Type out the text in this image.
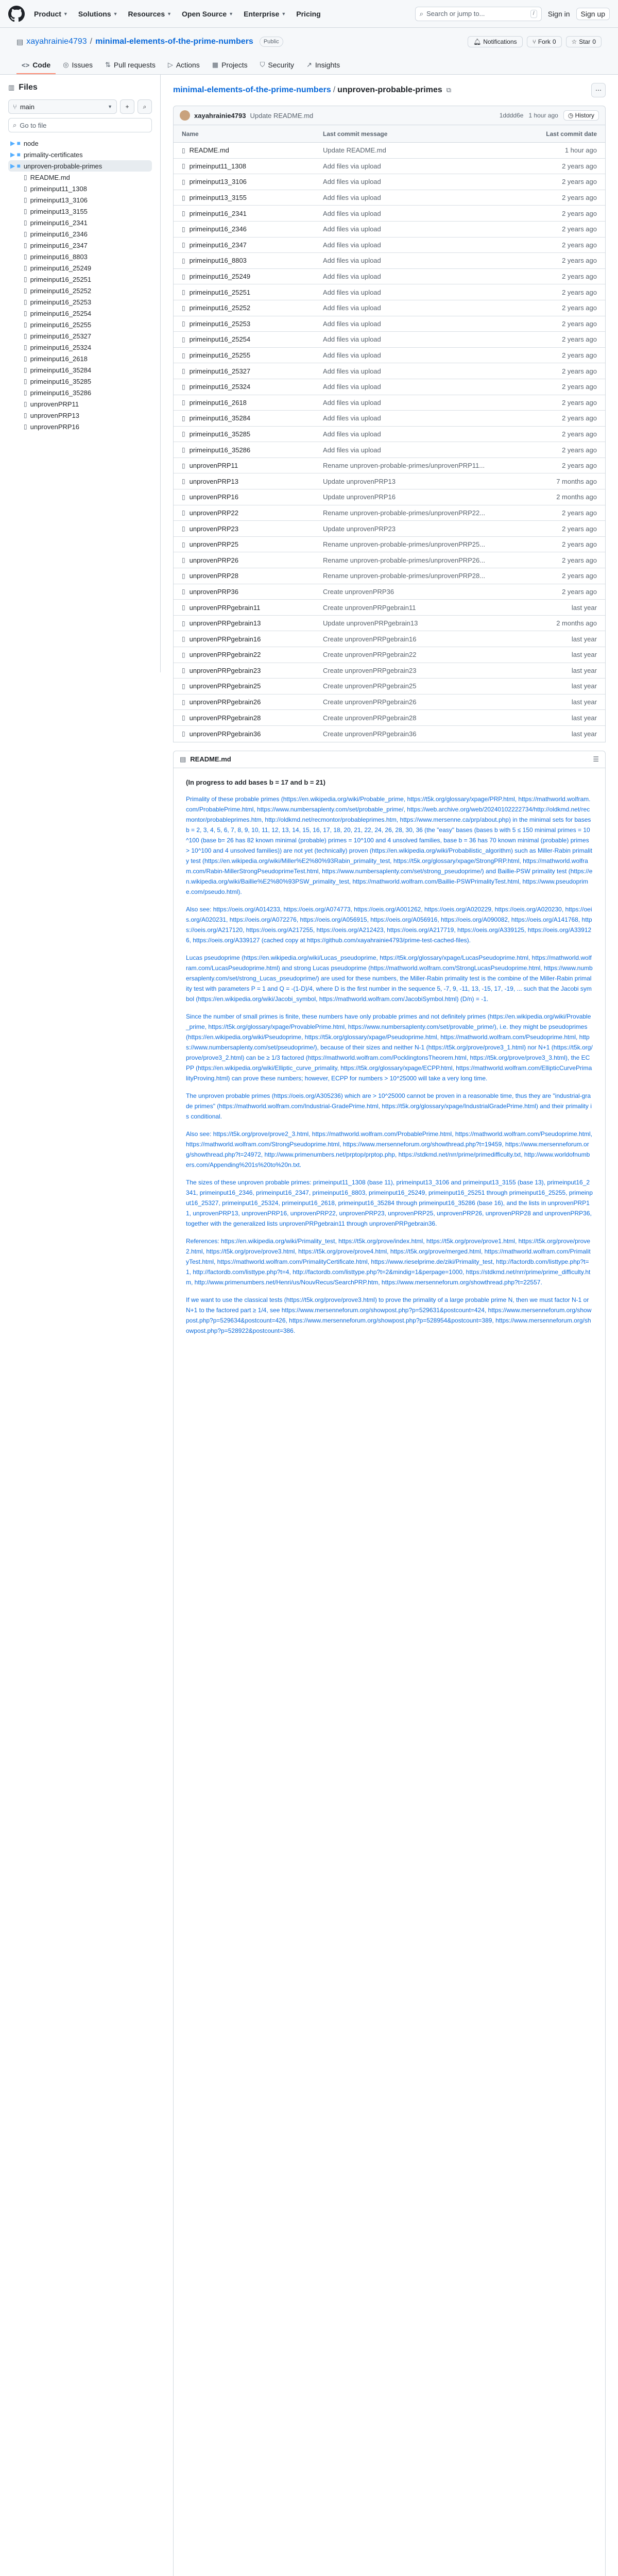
Product ▼ Solutions ▼ Resources ▼ Open Source ▼ Enterprise ▼ Pricing	⌕ Search or jump to...	/	Sign in	Sign up
▤ xayahrainie4793 / minimal-elements-of-the-prime-numbers	Public	🔔︎ Notifications	⑂ Fork 0	☆ Star 0
<> Code ◎ Issues ⇅ Pull requests ▷ Actions ▦ Projects ⛉ Security ↗ Insights
▥ Files
⑂ main	▼ + ⌕
⌕ Go to file
▶ ■ node
▶ ■ primality-certificates
▶ ■ unproven-probable-primes
▯ README.md
▯ primeinput11_1308
▯ primeinput13_3106
▯ primeinput13_3155
▯ primeinput16_2341
▯ primeinput16_2346
▯ primeinput16_2347
▯ primeinput16_8803
▯ primeinput16_25249
▯ primeinput16_25251
▯ primeinput16_25252
▯ primeinput16_25253
▯ primeinput16_25254
▯ primeinput16_25255
▯ primeinput16_25327
▯ primeinput16_25324
▯ primeinput16_2618
▯ primeinput16_35284
▯ primeinput16_35285
▯ primeinput16_35286
▯ unprovenPRP11
▯ unprovenPRP13
▯ unprovenPRP16
minimal-elements-of-the-prime-numbers / unproven-probable-primes ⧉	⋯
xayahrainie4793 Update README.md	1dddd6e 1 hour ago	◷ History
Name	Last commit message	Last commit date
▯ README.md	Update README.md	1 hour ago
▯ primeinput11_1308	Add files via upload	2 years ago
▯ primeinput13_3106	Add files via upload	2 years ago
▯ primeinput13_3155	Add files via upload	2 years ago
▯ primeinput16_2341	Add files via upload	2 years ago
▯ primeinput16_2346	Add files via upload	2 years ago
▯ primeinput16_2347	Add files via upload	2 years ago
▯ primeinput16_8803	Add files via upload	2 years ago
▯ primeinput16_25249	Add files via upload	2 years ago
▯ primeinput16_25251	Add files via upload	2 years ago
▯ primeinput16_25252	Add files via upload	2 years ago
▯ primeinput16_25253	Add files via upload	2 years ago
▯ primeinput16_25254	Add files via upload	2 years ago
▯ primeinput16_25255	Add files via upload	2 years ago
▯ primeinput16_25327	Add files via upload	2 years ago
▯ primeinput16_25324	Add files via upload	2 years ago
▯ primeinput16_2618	Add files via upload	2 years ago
▯ primeinput16_35284	Add files via upload	2 years ago
▯ primeinput16_35285	Add files via upload	2 years ago
▯ primeinput16_35286	Add files via upload	2 years ago
▯ unprovenPRP11	Rename unproven-probable-primes/unprovenPRP11...	2 years ago
▯ unprovenPRP13	Update unprovenPRP13	7 months ago
▯ unprovenPRP16	Update unprovenPRP16	2 months ago
▯ unprovenPRP22	Rename unproven-probable-primes/unprovenPRP22...	2 years ago
▯ unprovenPRP23	Update unprovenPRP23	2 years ago
▯ unprovenPRP25	Rename unproven-probable-primes/unprovenPRP25...	2 years ago
▯ unprovenPRP26	Rename unproven-probable-primes/unprovenPRP26...	2 years ago
▯ unprovenPRP28	Rename unproven-probable-primes/unprovenPRP28...	2 years ago
▯ unprovenPRP36	Create unprovenPRP36	2 years ago
▯ unprovenPRPgebrain11	Create unprovenPRPgebrain11	last year
▯ unprovenPRPgebrain13	Update unprovenPRPgebrain13	2 months ago
▯ unprovenPRPgebrain16	Create unprovenPRPgebrain16	last year
▯ unprovenPRPgebrain22	Create unprovenPRPgebrain22	last year
▯ unprovenPRPgebrain23	Create unprovenPRPgebrain23	last year
▯ unprovenPRPgebrain25	Create unprovenPRPgebrain25	last year
▯ unprovenPRPgebrain26	Create unprovenPRPgebrain26	last year
▯ unprovenPRPgebrain28	Create unprovenPRPgebrain28	last year
▯ unprovenPRPgebrain36	Create unprovenPRPgebrain36	last year
▤ README.md	☰
(In progress to add bases b = 17 and b = 21)

Primality of these probable primes (https://en.wikipedia.org/wiki/Probable_prime, https://t5k.org/glossary/xpage/PRP.html, https://mathworld.wolfram.com/ProbablePrime.html, https://www.numbersaplenty.com/set/probable_prime/, https://web.archive.org/web/20240102222734/http://oldkmd.net/recmontor/probableprimes.htm, http://oldkmd.net/recmontor/probableprimes.htm, https://www.mersenne.ca/prp/about.php) in the minimal sets for bases b = 2, 3, 4, 5, 6, 7, 8, 9, 10, 11, 12, 13, 14, 15, 16, 17, 18, 20, 21, 22, 24, 26, 28, 30, 36 (the "easy" bases (bases b with 5 ≤ 150 minimal primes = 10^100 (base b= 26 has 82 known minimal (probable) primes = 10^100 and 4 unsolved families, base b = 36 has 70 known minimal (probable) primes > 10^100 and 4 unsolved families)) are not yet (technically) proven (https://en.wikipedia.org/wiki/Probabilistic_algorithm) such as Miller-Rabin primality test (https://en.wikipedia.org/wiki/Miller%E2%80%93Rabin_primality_test, https://t5k.org/glossary/xpage/StrongPRP.html, https://mathworld.wolfram.com/Rabin-MillerStrongPseudoprimeTest.html, https://www.numbersaplenty.com/set/strong_pseudoprime/) and Baillie-PSW primality test (https://en.wikipedia.org/wiki/Baillie%E2%80%93PSW_primality_test, https://mathworld.wolfram.com/Baillie-PSWPrimalityTest.html, https://www.pseudoprime.com/pseudo.html).

Also see: https://oeis.org/A014233, https://oeis.org/A074773, https://oeis.org/A001262, https://oeis.org/A020229, https://oeis.org/A020230, https://oeis.org/A020231, https://oeis.org/A072276, https://oeis.org/A056915, https://oeis.org/A056916, https://oeis.org/A090082, https://oeis.org/A141768, https://oeis.org/A217120, https://oeis.org/A217255, https://oeis.org/A212423, https://oeis.org/A217719, https://oeis.org/A339125, https://oeis.org/A339126, https://oeis.org/A339127 (cached copy at https://github.com/xayahrainie4793/prime-test-cached-files).

Lucas pseudoprime (https://en.wikipedia.org/wiki/Lucas_pseudoprime, https://t5k.org/glossary/xpage/LucasPseudoprime.html, https://mathworld.wolfram.com/LucasPseudoprime.html) and strong Lucas pseudoprime (https://mathworld.wolfram.com/StrongLucasPseudoprime.html, https://www.numbersaplenty.com/set/strong_Lucas_pseudoprime/) are used for these numbers, the Miller-Rabin primality test is the combine of the Miller-Rabin primality test with parameters P = 1 and Q = -(1-D)/4, where D is the first number in the sequence 5, -7, 9, -11, 13, -15, 17, -19, ... such that the Jacobi symbol (https://en.wikipedia.org/wiki/Jacobi_symbol, https://mathworld.wolfram.com/JacobiSymbol.html) (D/n) = -1.

Since the number of small primes is finite, these numbers have only probable primes and not definitely primes (https://en.wikipedia.org/wiki/Provable_prime, https://t5k.org/glossary/xpage/ProvablePrime.html, https://www.numbersaplenty.com/set/provable_prime/), i.e. they might be pseudoprimes (https://en.wikipedia.org/wiki/Pseudoprime, https://t5k.org/glossary/xpage/Pseudoprime.html, https://mathworld.wolfram.com/Pseudoprime.html, https://www.numbersaplenty.com/set/pseudoprime/), because of their sizes and neither N-1 (https://t5k.org/prove/prove3_1.html) nor N+1 (https://t5k.org/prove/prove3_2.html) can be ≥ 1/3 factored (https://mathworld.wolfram.com/PocklingtonsTheorem.html, https://t5k.org/prove/prove3_3.html), the ECPP (https://en.wikipedia.org/wiki/Elliptic_curve_primality, https://t5k.org/glossary/xpage/ECPP.html, https://mathworld.wolfram.com/EllipticCurvePrimalityProving.html) can prove these numbers; however, ECPP for numbers > 10^25000 will take a very long time.

The unproven probable primes (https://oeis.org/A305236) which are > 10^25000 cannot be proven in a reasonable time, thus they are "industrial-grade primes" (https://mathworld.wolfram.com/Industrial-GradePrime.html, https://t5k.org/glossary/xpage/IndustrialGradePrime.html) and their primality is conditional.

Also see: https://t5k.org/prove/prove2_3.html, https://mathworld.wolfram.com/ProbablePrime.html, https://mathworld.wolfram.com/Pseudoprime.html, https://mathworld.wolfram.com/StrongPseudoprime.html, https://www.mersenneforum.org/showthread.php?t=19459, https://www.mersenneforum.org/showthread.php?t=24972, http://www.primenumbers.net/prptop/prptop.php, https://stdkmd.net/nrr/prime/primedifficulty.txt, http://www.worldofnumbers.com/Appending%201s%20to%20n.txt.

The sizes of these unproven probable primes: primeinput11_1308 (base 11), primeinput13_3106 and primeinput13_3155 (base 13), primeinput16_2341, primeinput16_2346, primeinput16_2347, primeinput16_8803, primeinput16_25249, primeinput16_25251 through primeinput16_25255, primeinput16_25327, primeinput16_25324, primeinput16_2618, primeinput16_35284 through primeinput16_35286 (base 16), and the lists in unprovenPRP11, unprovenPRP13, unprovenPRP16, unprovenPRP22, unprovenPRP23, unprovenPRP25, unprovenPRP26, unprovenPRP28 and unprovenPRP36, together with the generalized lists unprovenPRPgebrain11 through unprovenPRPgebrain36.

References: https://en.wikipedia.org/wiki/Primality_test, https://t5k.org/prove/index.html, https://t5k.org/prove/prove1.html, https://t5k.org/prove/prove2.html, https://t5k.org/prove/prove3.html, https://t5k.org/prove/prove4.html, https://t5k.org/prove/merged.html, https://mathworld.wolfram.com/PrimalityTest.html, https://mathworld.wolfram.com/PrimalityCertificate.html, https://www.rieselprime.de/ziki/Primality_test, http://factordb.com/listtype.php?t=1, http://factordb.com/listtype.php?t=4, http://factordb.com/listtype.php?t=2&mindig=1&perpage=1000, https://stdkmd.net/nrr/prime/prime_difficulty.htm, http://www.primenumbers.net/Henri/us/NouvRecus/SearchPRP.htm, https://www.mersenneforum.org/showthread.php?t=22557.

If we want to use the classical tests (https://t5k.org/prove/prove3.html) to prove the primality of a large probable prime N, then we must factor N-1 or N+1 to the factored part ≥ 1/4, see https://www.mersenneforum.org/showpost.php?p=529631&postcount=424, https://www.mersenneforum.org/showpost.php?p=529634&postcount=426, https://www.mersenneforum.org/showpost.php?p=528954&postcount=389, https://www.mersenneforum.org/showpost.php?p=528922&postcount=386.
